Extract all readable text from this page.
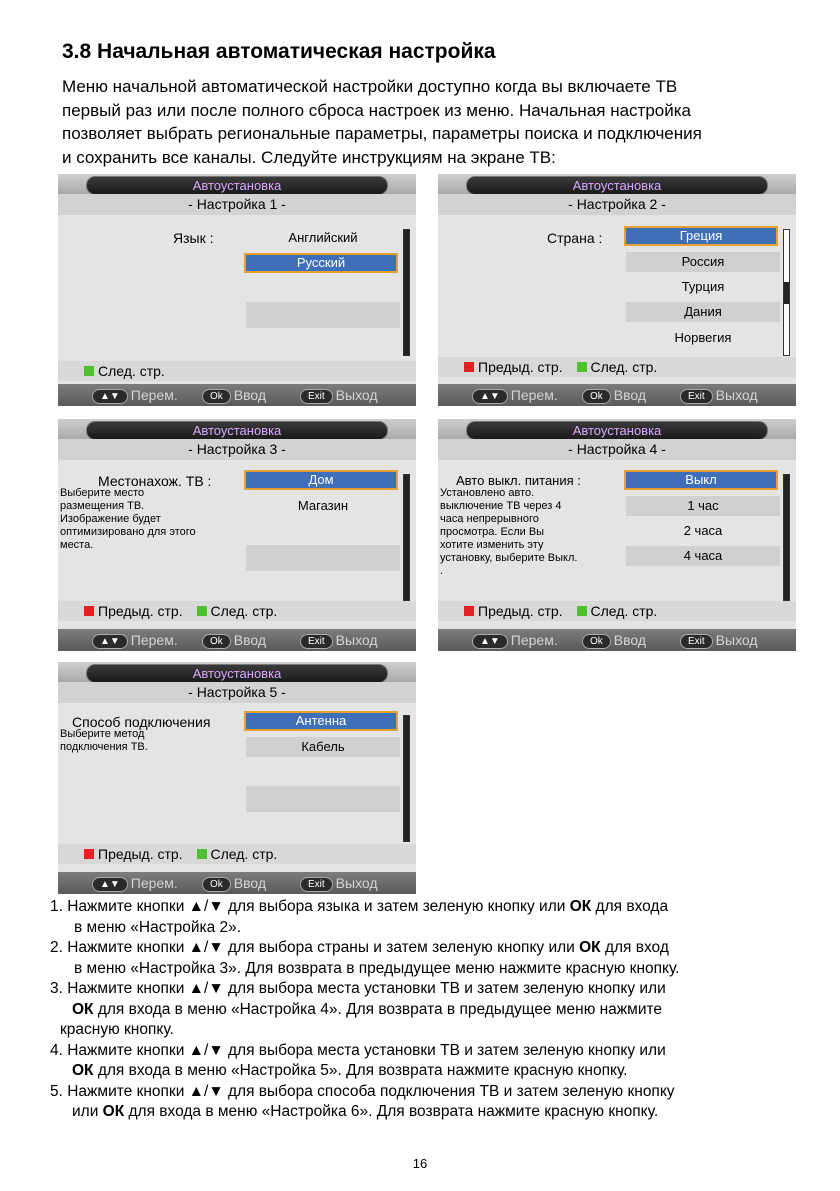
3.8 Начальная автоматическая настройка
Меню начальной автоматической настройки доступно когда вы включаете ТВ
первый раз или после полного сброса настроек из меню. Начальная настройка
позволяет выбрать региональные параметры, параметры поиска и подключения
и сохранить все каналы. Следуйте инструкциям на экране ТВ:
Автоустановка
- Настройка 1 -
Язык :	Английский
Русский
След. стр.
▲▼ Перем.	Ok Ввод	Exit Выход
Автоустановка
- Настройка 2 -
Страна :	Греция
Россия
Турция
Дания
Норвегия
Предыд. стр. След. стр.
▲▼ Перем.	Ok Ввод	Exit Выход
Автоустановка
- Настройка 3 -
Местонахож. ТВ :
Выберите место
размещения ТВ.
Изображение будет
оптимизировано для этого
места.
Дом
Магазин
Предыд. стр. След. стр.
▲▼ Перем.	Ok Ввод	Exit Выход
Автоустановка
- Настройка 4 -
Авто выкл. питания :
Установлено авто.
выключение ТВ через 4
часа непрерывного
просмотра. Если Вы
хотите изменить эту
установку, выберите Выкл.
.
Выкл
1 час
2 часа
4 часа
Предыд. стр. След. стр.
▲▼ Перем.	Ok Ввод	Exit Выход
Автоустановка
- Настройка 5 -
Способ подключения
Выберите метод
подключения ТВ.
Антенна
Кабель
Предыд. стр. След. стр.
▲▼ Перем.	Ok Ввод	Exit Выход
1. Нажмите кнопки ▲/▼ для выбора языка и затем зеленую кнопку или ОК для входа
в меню «Настройка 2».
2. Нажмите кнопки ▲/▼ для выбора страны и затем зеленую кнопку или ОК для вход
в меню «Настройка 3». Для возврата в предыдущее меню нажмите красную кнопку.
3. Нажмите кнопки ▲/▼ для выбора места установки ТВ и затем зеленую кнопку или
ОК для входа в меню «Настройка 4». Для возврата в предыдущее меню нажмите
красную кнопку.
4. Нажмите кнопки ▲/▼ для выбора места установки ТВ и затем зеленую кнопку или
ОК для входа в меню «Настройка 5». Для возврата нажмите красную кнопку.
5. Нажмите кнопки ▲/▼ для выбора способа подключения ТВ и затем зеленую кнопку
или ОК для входа в меню «Настройка 6». Для возврата нажмите красную кнопку.
16
